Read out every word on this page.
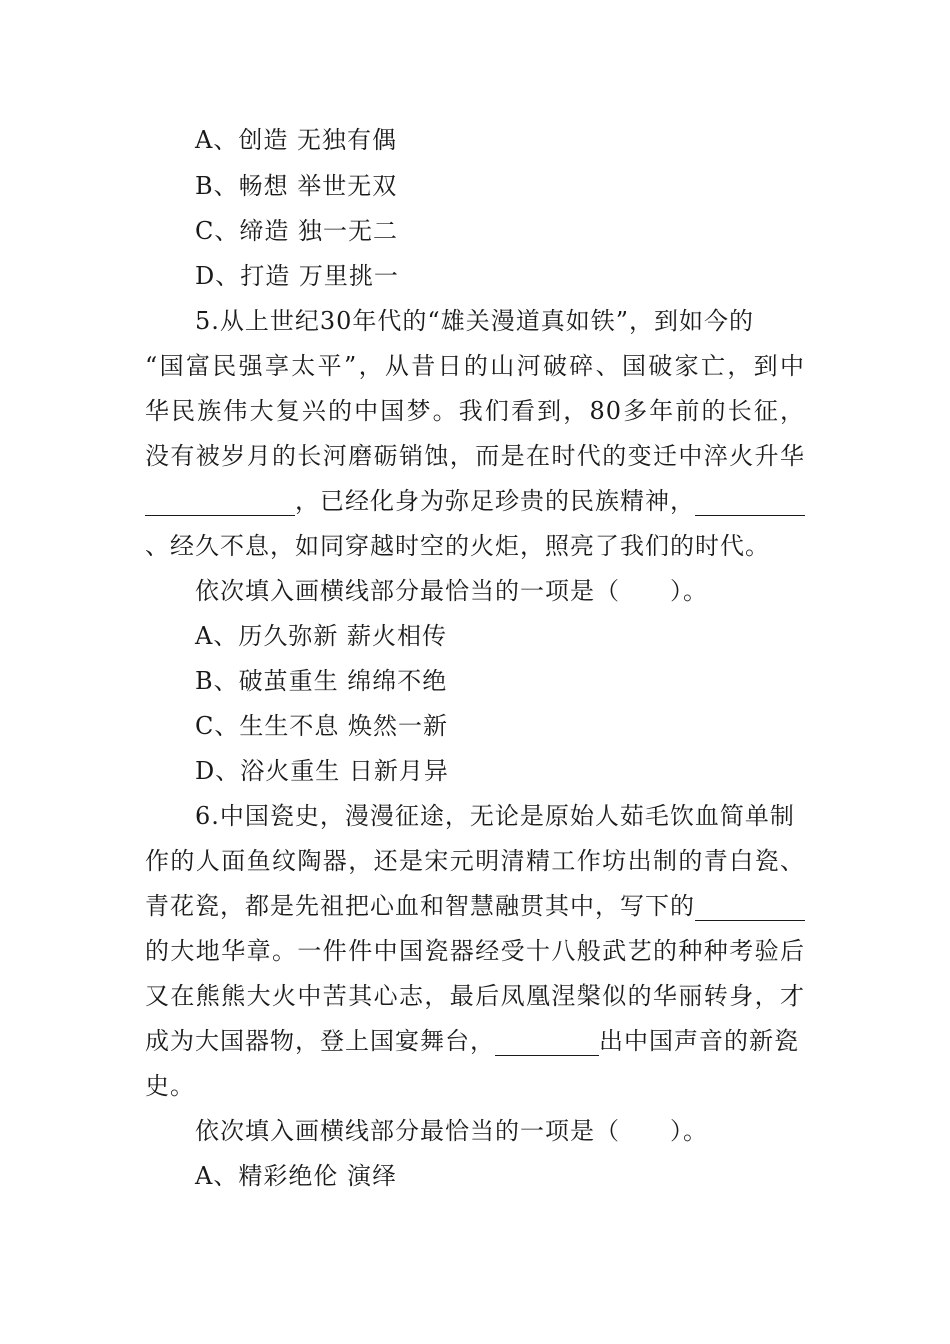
A、创造 无独有偶
B、畅想 举世无双
C、缔造 独一无二
D、打造 万里挑一
5.从上世纪30年代的“雄关漫道真如铁”，到如今的
“国富民强享太平”，从昔日的山河破碎、国破家亡，到中
华民族伟大复兴的中国梦。我们看到，80多年前的长征，
没有被岁月的长河磨砺销蚀，而是在时代的变迁中淬火升华
，已经化身为弥足珍贵的民族精神，
、经久不息，如同穿越时空的火炬，照亮了我们的时代。
依次填入画横线部分最恰当的一项是（　　）。
A、历久弥新 薪火相传
B、破茧重生 绵绵不绝
C、生生不息 焕然一新
D、浴火重生 日新月异
6.中国瓷史，漫漫征途，无论是原始人茹毛饮血简单制
作的人面鱼纹陶器，还是宋元明清精工作坊出制的青白瓷、
青花瓷，都是先祖把心血和智慧融贯其中，写下的
的大地华章。一件件中国瓷器经受十八般武艺的种种考验后
又在熊熊大火中苦其心志，最后凤凰涅槃似的华丽转身，才
成为大国器物，登上国宴舞台，	出中国声音的新瓷
史。
依次填入画横线部分最恰当的一项是（　　）。
A、精彩绝伦 演绎
